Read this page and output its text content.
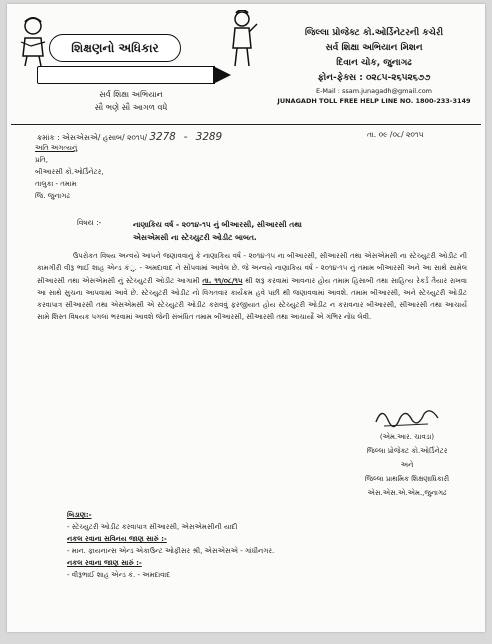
શિક્ષણનો અધિકાર
સર્વ શિક્ષા અભિયાન
સૌ ભણે સૌ આગળ વધે
જિલ્લા પ્રોજેક્ટ કો.ઓર્ડિનેટરની કચેરી
સર્વ શિક્ષા અભિયાન મિશન
દિવાન ચોક, જુનાગઢ
ફોન-ફેક્સ : ૦૨૮૫-૨૬૫૨૬૭૭
E-Mail : ssam.junagadh@gmail.com
JUNAGADH TOLL FREE HELP LINE NO. 1800-233-3149
ક્રમાંક : એસએસએ/ હસાબ/ ૨૦૧૫/ 3278 - 3289	તા. ૦૯ /૦૮/ ૨૦૧૫
અતિ અગત્યનું
પ્રતિ,
બીઆરસી કો.ઓર્ડિનેટર,
તાલુકા - તમામ
જિ. જુનાગઢ
વિષય :-	નાણાકિય વર્ષ - ૨૦૧૪-૧૫ નું બીઆરસી, સીઆરસી તથા
એસએમસી ના સ્ટેચ્યુટરી ઓડીટ બાબત.
ઉપરોકત વિષય અન્વયે આપને જણાવવાનું કે નાણાકિય વર્ષ - ૨૦૧૪-૧૫ ના બીઆરસી, સીઆરસી તથા એસએમસી ના સ્ટેચ્યુટરી ઓડીટ ની કામગીરી વીરૂ ભાઈ શાહ એન્ડ કંુ. - અમદાવાદ ને સોંપવામાં આવેલ છે. જે અન્વયે નાણાકિય વર્ષ - ૨૦૧૪-૧૫ નું તમામ બીઆરસી અને આ સાથે સામેલ સીઆરસી તથા એસએમસી નું સ્ટેચ્યુટરી ઓડીટ આગામી તા. ૧૧/૦૮/૧૫ થી શરૂ કરવામાં આવનાર હોય તમામ હિસાબી તથા સાહિત્ય રેકર્ડ તૈયાર રાખવા આ સાથે સુચના આપવામાં આવે છે. સ્ટેચ્યુટરી ઓડીટ નો વિગતવાર કાર્યક્રમ હવે પછી થી જણાવવામાં આવશે. તમામ બીઆરસી, અને સ્ટેચ્યુટરી ઓડીટ કરવાપાત્ર સીઆરસી તથા એસએમસી એ સ્ટેચ્યુટરી ઓડીટ કરાવવું ફરજીયાત હોય સ્ટેચ્યુટરી ઓડીટ ન કરાવનાર બીઆરસી, સીઆરસી તથા આચાર્ય સામે શિસ્ત વિષયક પગલાં ભરવામાં આવશે જેની સંબંધિત તમામ બીઆરસી, સીઆરસી તથા આચાર્યો એ ગંભિર નોંધ લેવી.
(એમ.આર. ચાવડા)
જિલ્લા પ્રોજેક્ટ કો.ઓર્ડિનેટર
અને
જિલ્લા પ્રાથમિક શિક્ષણાધિકારી
એસ.એસ.એ.એમ.,જુનાગઢ
બિડાણ:-
- સ્ટેચ્યુટરી ઓડીટ કરવાપાત્ર સીઆરસી, એસએમસીની યાદી
નકલ રવાના સવિનય જાણ સારું :-
- માન. ફાયનાન્સ એન્ડ એકાઉન્ટ ઓફીસર શ્રી, એસએસએ - ગાંધીનગર.
નકલ રવાના જાણ સારું :-
- વીરૂભાઈ શાહ એન્ડ કં. - અમદાવાદ
